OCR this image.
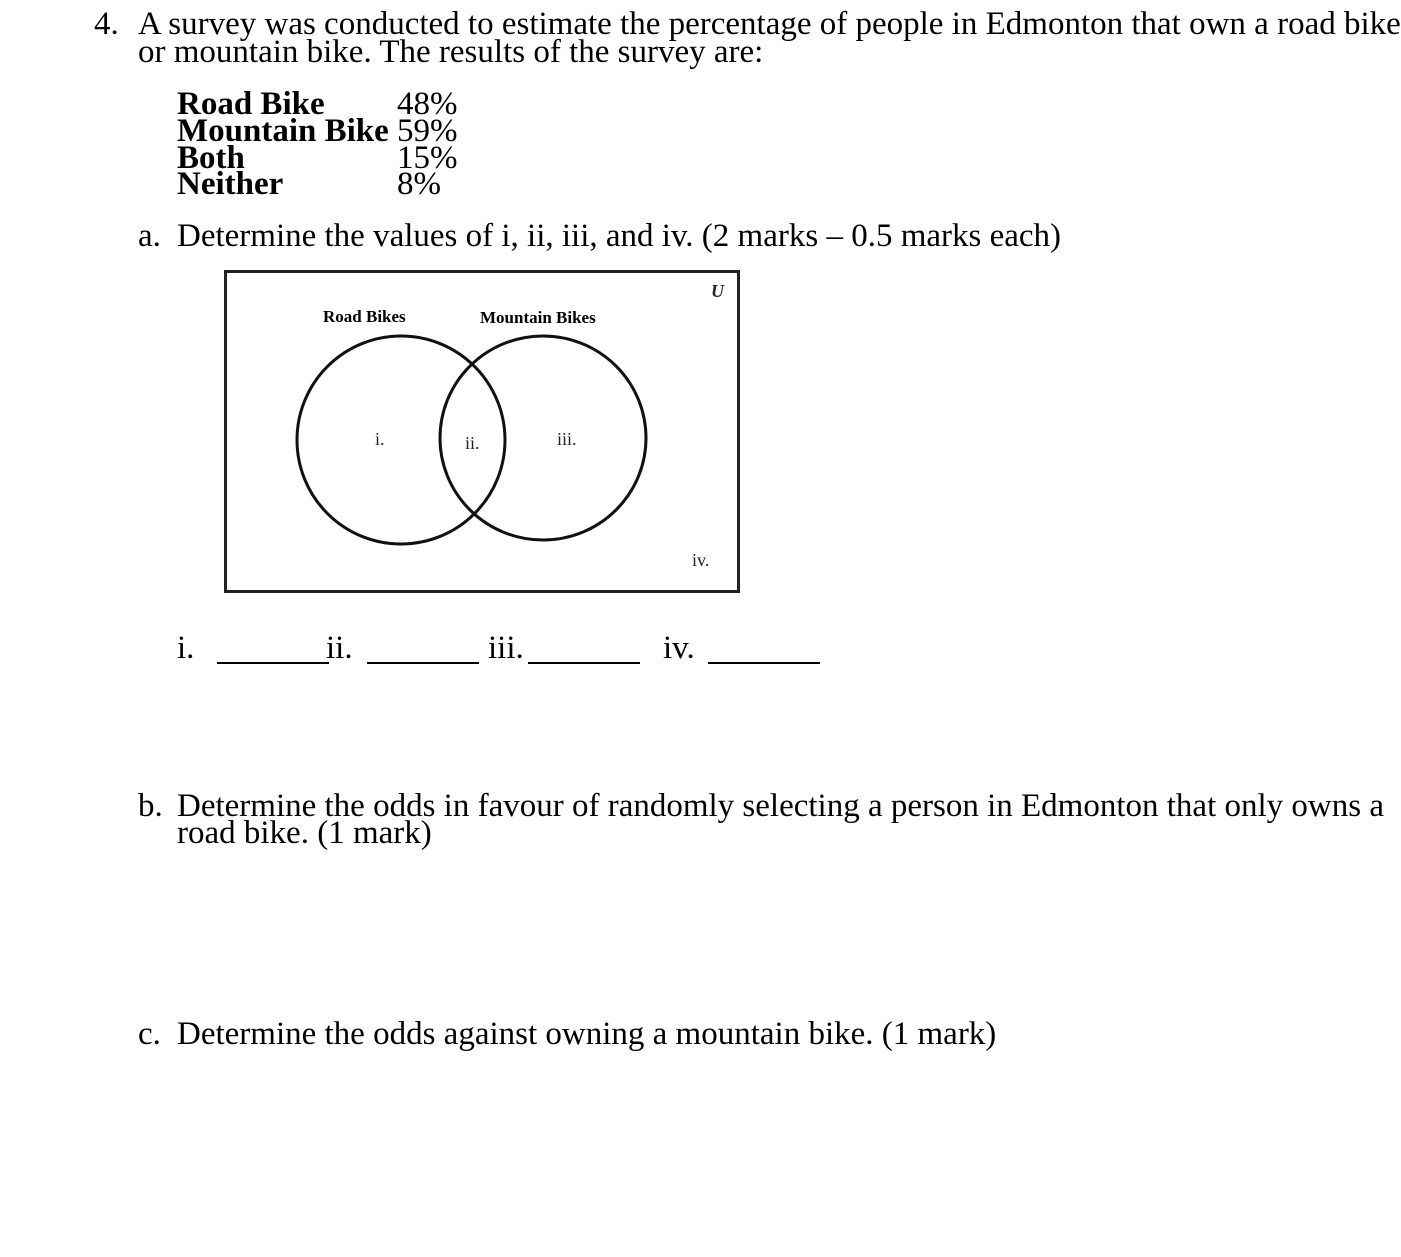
4. A survey was conducted to estimate the percentage of people in Edmonton that own a road bike
or mountain bike. The results of the survey are:
Road Bike 48%
Mountain Bike 59%
Both	15%
Neither	8%
a. Determine the values of i, ii, iii, and iv. (2 marks – 0.5 marks each)
U
Road Bikes	Mountain Bikes
i.	ii.	iii.
iv.
i.	ii.	iii.	iv.
b. Determine the odds in favour of randomly selecting a person in Edmonton that only owns a
road bike. (1 mark)
c. Determine the odds against owning a mountain bike. (1 mark)
